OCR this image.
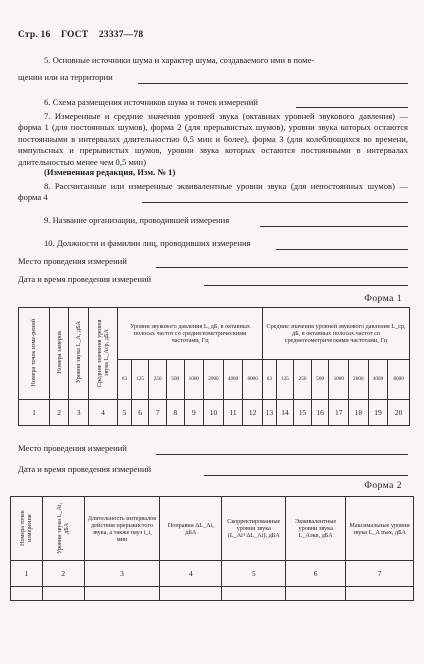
Стр. 16 ГОСТ 23337—78
5. Основные источники шума и характер шума, создаваемого ими в поме-
щении или на территории
6. Схема размещения источников шума и точек измерений
7. Измеренные и средние значения уровней звука (октавных уровней звукового давления) — форма 1 (для постоянных шумов), форма 2 (для прерывистых шумов), уровни звука которых остаются постоянными в интервалах длительностью 0,5 мин и более), форма 3 (для колеблющихся во времени, импульсных и прерывистых шумов, уровни звука которых остаются постоянными в интервалах длительностью менее чем 0,5 мин)
(Измененная редакция, Изм. № 1)
8. Рассчитанные или измеренные эквивалентные уровни звука (для непостоянных шумов) — форма 4
9. Название организации, проводившей измерения
10. Должности и фамилии лиц, проводивших измерения
Место проведения измерений
Дата и время проведения измерений
Форма 1
Номера точек изме-рений	Номера замеров	Уровни звука L_A, дБА	Средние значения уровня звука L_Acp, дБА	Уровни звукового давления L, дБ, в октавных полосах частот со среднегеометрическими частотами, Гц								Средние значения уровней звукового давления L_cp, дБ, в октавных полосах частот со среднегеометрическими частотами, Гц							
				63	125	250	500	1000	2000	4000	8000	63	125	250	500	1000	2000	4000	8000
1	2	3	4	5	6	7	8	9	10	11	12	13	14	15	16	17	18	19	20
Место проведения измерений
Дата и время проведения измерений
Форма 2
Номера точек измерения	Уровни звука L_Ai, дБА	Длительность интервалов действия прерывистого звука, а также пауз t_i, мин	Поправки ΔL_Ai, дБА	Скорректированные уровни звука (L_Ai+ΔL_Ai), дБА	Эквивалентные уровни звука L_Aэкв, дБА	Максимальные уровни звука L_A max, дБА
1	2	3	4	5	6	7
